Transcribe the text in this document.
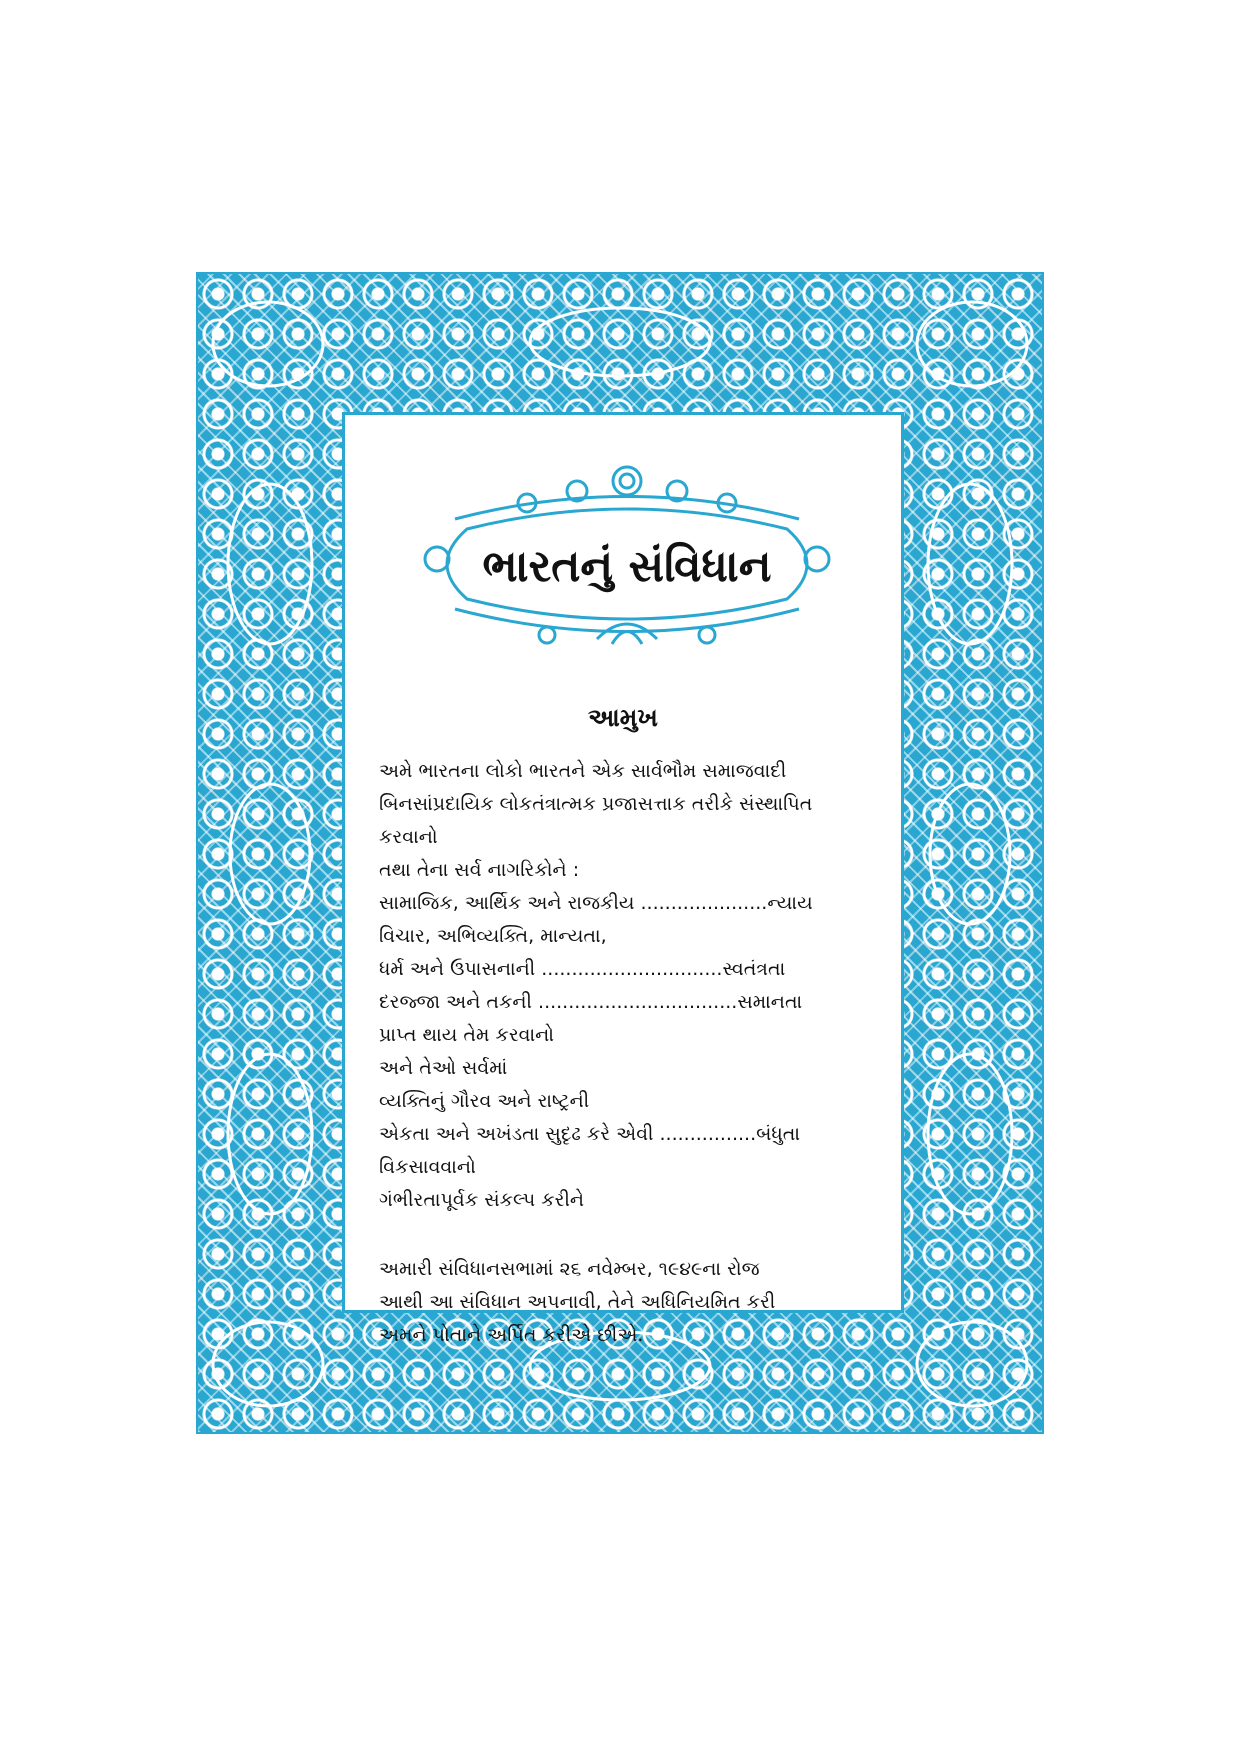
ભારતનું સંવિધાન
આમુખ
અમે ભારતના લોકો ભારતને એક સાર્વભૌમ સમાજવાદી
બિનસાંપ્રદાયિક લોકતંત્રાત્મક પ્રજાસત્તાક તરીકે સંસ્થાપિત
કરવાનો
તથા તેના સર્વ નાગરિકોને :
સામાજિક, આર્થિક અને રાજકીય .....................ન્યાય
વિચાર, અભિવ્યક્તિ, માન્યતા,
ધર્મ અને ઉપાસનાની ..............................સ્વતંત્રતા
દરજ્જા અને તકની .................................સમાનતા
પ્રાપ્ત થાય તેમ કરવાનો
અને તેઓ સર્વમાં
વ્યક્તિનું ગૌરવ અને રાષ્ટ્રની
એકતા અને અખંડતા સુદૃઢ કરે એવી ................બંધુતા
વિકસાવવાનો
ગંભીરતાપૂર્વક સંકલ્પ કરીને
અમારી સંવિધાનસભામાં ૨૬ નવેમ્બર, ૧૯૪૯ના રોજ
આથી આ સંવિધાન અપનાવી, તેને અધિનિયમિત કરી
અમને પોતાને અર્પિત કરીએ છીએ.
